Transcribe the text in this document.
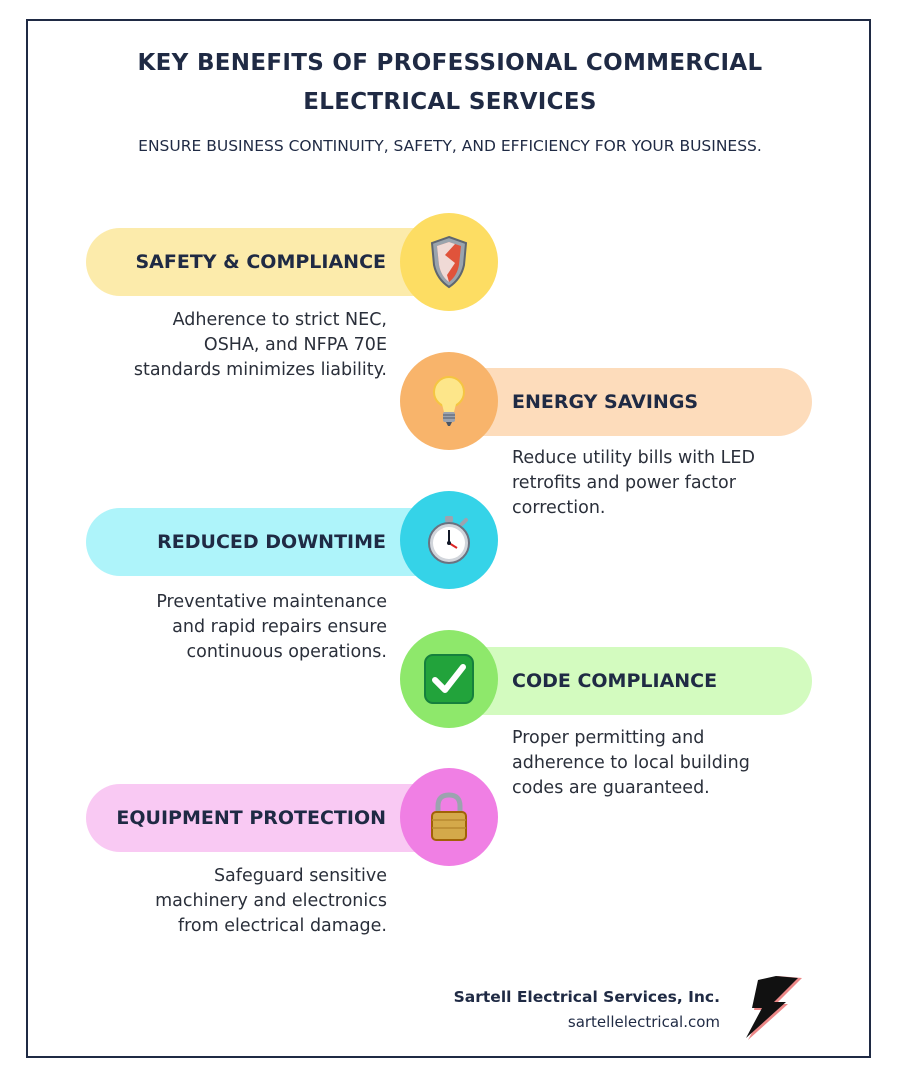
KEY BENEFITS OF PROFESSIONAL COMMERCIAL
ELECTRICAL SERVICES
ENSURE BUSINESS CONTINUITY, SAFETY, AND EFFICIENCY FOR YOUR BUSINESS.
SAFETY & COMPLIANCE
Adherence to strict NEC,
OSHA, and NFPA 70E
standards minimizes liability.
ENERGY SAVINGS
Reduce utility bills with LED
retrofits and power factor
correction.
REDUCED DOWNTIME
Preventative maintenance
and rapid repairs ensure
continuous operations.
CODE COMPLIANCE
Proper permitting and
adherence to local building
codes are guaranteed.
EQUIPMENT PROTECTION
Safeguard sensitive
machinery and electronics
from electrical damage.
Sartell Electrical Services, Inc.
sartellelectrical.com
